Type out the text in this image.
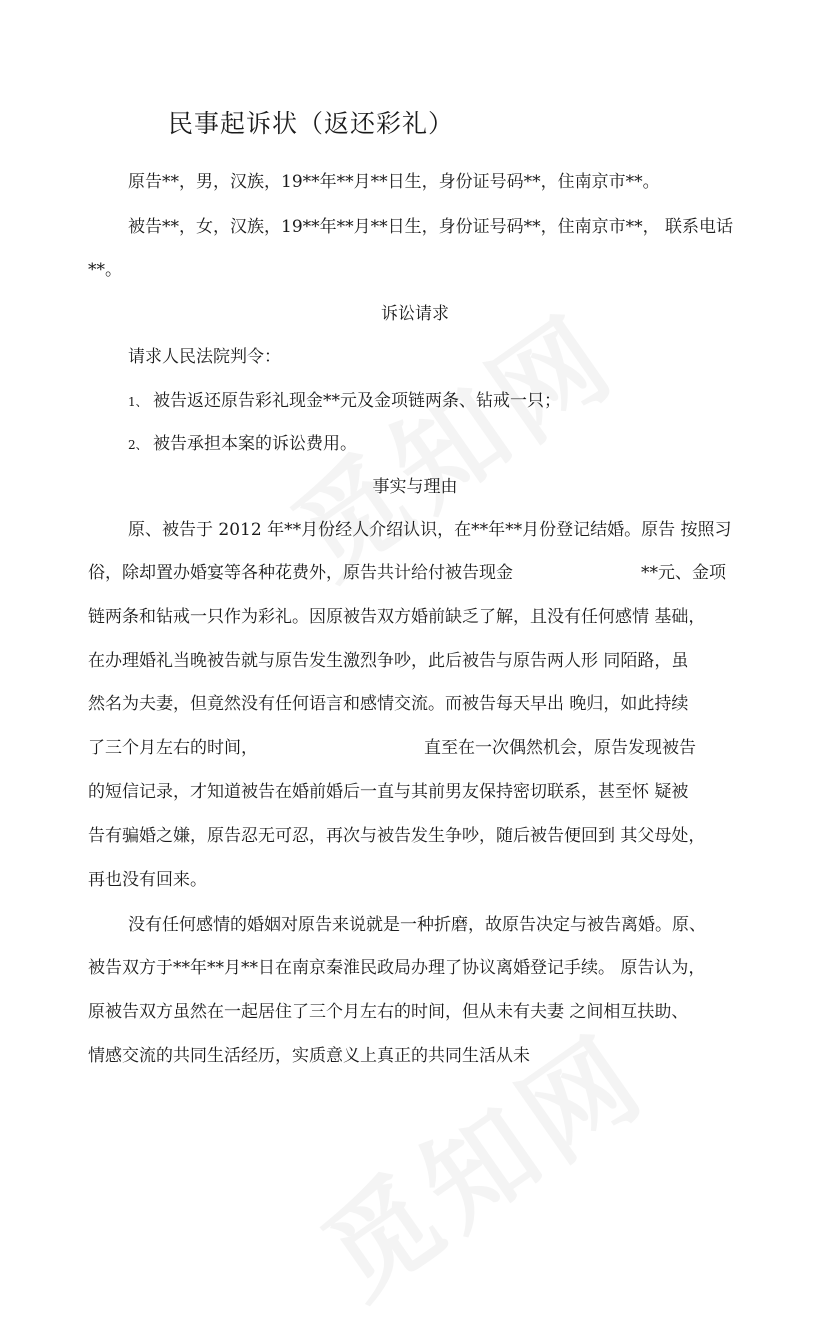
民事起诉状（返还彩礼）
原告**，男，汉族，19**年**月**日生，身份证号码**，住南京市**。
被告**，女，汉族，19**年**月**日生，身份证号码**，住南京市**， 联系电话
**。
诉讼请求
请求人民法院判令：
1、 被告返还原告彩礼现金**元及金项链两条、钻戒一只；
2、 被告承担本案的诉讼费用。
事实与理由
原、被告于 2012 年**月份经人介绍认识，在**年**月份登记结婚。原告 按照习
俗，除却置办婚宴等各种花费外，原告共计给付被告现金	**元、金项
链两条和钻戒一只作为彩礼。因原被告双方婚前缺乏了解，且没有任何感情 基础，
在办理婚礼当晚被告就与原告发生激烈争吵，此后被告与原告两人形 同陌路，虽
然名为夫妻，但竟然没有任何语言和感情交流。而被告每天早出 晚归，如此持续
了三个月左右的时间，	直至在一次偶然机会，原告发现被告
的短信记录，才知道被告在婚前婚后一直与其前男友保持密切联系，甚至怀 疑被
告有骗婚之嫌，原告忍无可忍，再次与被告发生争吵，随后被告便回到 其父母处，
再也没有回来。
没有任何感情的婚姻对原告来说就是一种折磨，故原告决定与被告离婚。原、
被告双方于**年**月**日在南京秦淮民政局办理了协议离婚登记手续。 原告认为，
原被告双方虽然在一起居住了三个月左右的时间，但从未有夫妻 之间相互扶助、
情感交流的共同生活经历，实质意义上真正的共同生活从未
